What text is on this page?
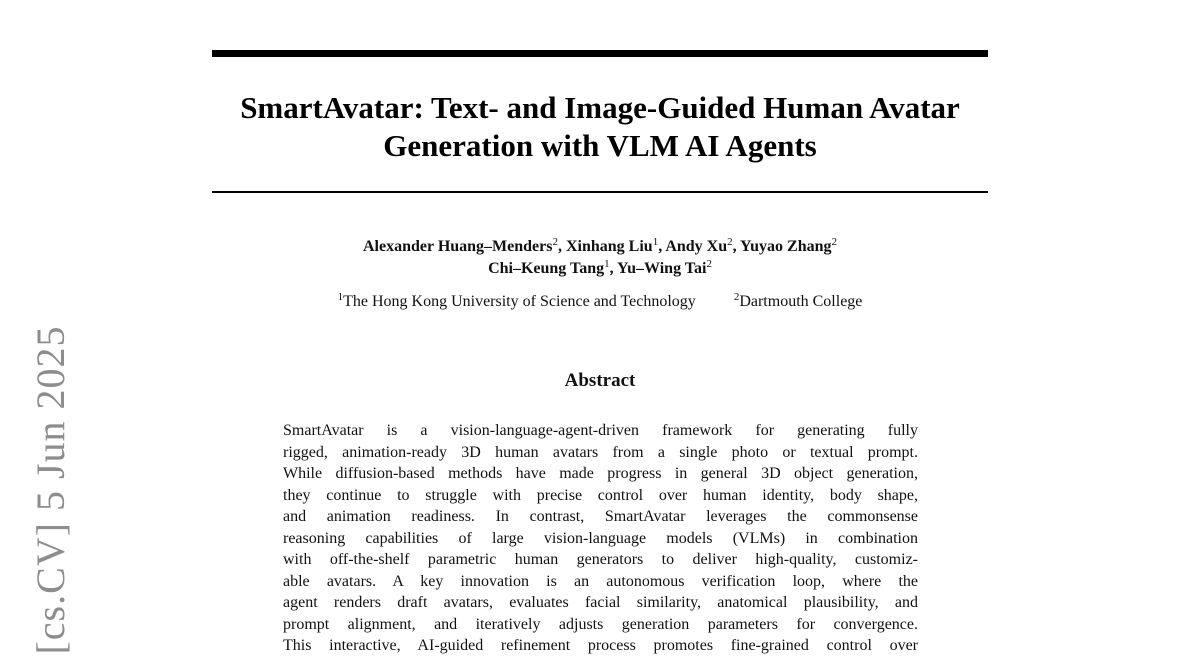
SmartAvatar: Text- and Image-Guided Human Avatar
Generation with VLM AI Agents
Alexander Huang–Menders$^2$, Xinhang Liu$^1$, Andy Xu$^2$, Yuyao Zhang$^2$
Chi–Keung Tang$^1$, Yu–Wing Tai$^2$
$^1$The Hong Kong University of Science and Technology	$^2$Dartmouth College
Abstract
SmartAvatar is a vision-language-agent-driven framework for generating fully
rigged, animation-ready 3D human avatars from a single photo or textual prompt.
While diffusion-based methods have made progress in general 3D object generation,
they continue to struggle with precise control over human identity, body shape,
and animation readiness. In contrast, SmartAvatar leverages the commonsense
reasoning capabilities of large vision-language models (VLMs) in combination
with off-the-shelf parametric human generators to deliver high-quality, customiz-
able avatars. A key innovation is an autonomous verification loop, where the
agent renders draft avatars, evaluates facial similarity, anatomical plausibility, and
prompt alignment, and iteratively adjusts generation parameters for convergence.
This interactive, AI-guided refinement process promotes fine-grained control over
[cs.CV] 5 Jun 2025
